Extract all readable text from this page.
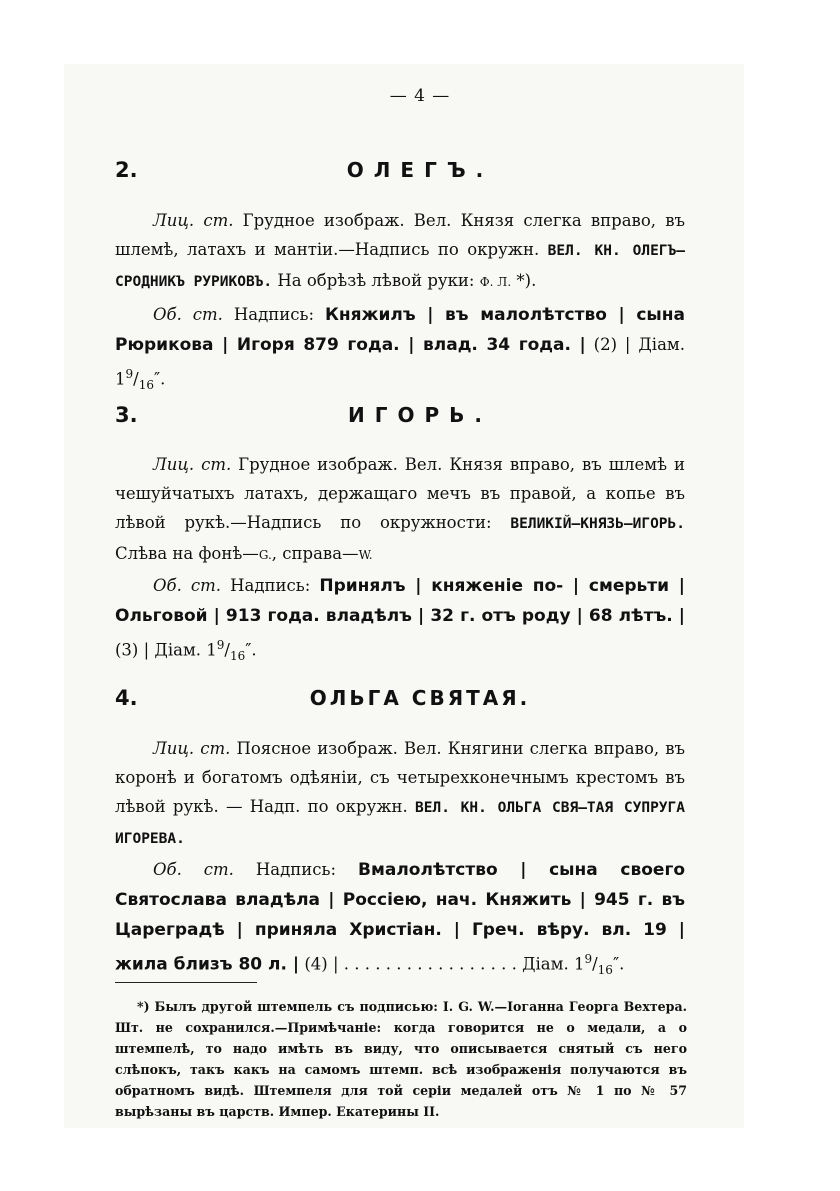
— 4 —
2.	ОЛЕГЪ.
Лиц. ст. Грудное изображ. Вел. Князя слегка вправо, въ шлемѣ, латахъ и мантіи.—Надпись по окружн. ВЕЛ. КН. ОЛЕГЪ—СРОДНИКЪ РУРИКОВЪ. На обрѣзѣ лѣвой руки: Ф. Л. *).
Об. ст. Надпись: Княжилъ | въ малолѣтство | сына Рюрикова | Игоря 879 года. | влад. 34 года. | (2) | Діам. $1^9/_{16}''$.
3.	ИГОРЬ.
Лиц. ст. Грудное изображ. Вел. Князя вправо, въ шлемѣ и чешуйчатыхъ латахъ, держащаго мечъ въ правой, а копье въ лѣвой рукѣ.—Надпись по окружности: ВЕЛИКІЙ—КНЯЗЬ—ИГОРЬ. Слѣва на фонѣ—G., справа—W.
Об. ст. Надпись: Принялъ | княженіе по- | смерьти | Ольговой | 913 года. владѣлъ | 32 г. отъ роду | 68 лѣтъ. | (3) | Діам. $1^9/_{16}''$.
4.	ОЛЬГА СВЯТАЯ.
Лиц. ст. Поясное изображ. Вел. Княгини слегка вправо, въ коронѣ и богатомъ одѣяніи, съ четырехконечнымъ крестомъ въ лѣвой рукѣ. — Надп. по окружн. ВЕЛ. КН. ОЛЬГА СВЯ—ТАЯ СУПРУГА ИГОРЕВА.
Об. ст. Надпись: Вмалолѣтство | сына своего Святослава владѣла | Россіею, нач. Княжить | 945 г. въ Цареградѣ | приняла Христіан. | Греч. вѣру. вл. 19 | жила близъ 80 л. | (4) | . . . . . . . . . . . . . . . . . Діам. $1^9/_{16}''$.
*) Былъ другой штемпель съ подписью: I. G. W.—Іоганна Георга Вехтера. Шт. не сохранился.—Примѣчаніе: когда говорится не о медали, а о штемпелѣ, то надо имѣть въ виду, что описывается снятый съ него слѣпокъ, такъ какъ на самомъ штемп. всѣ изображенія получаются въ обратномъ видѣ. Штемпеля для той серіи медалей отъ № 1 по № 57 вырѣзаны въ царств. Импер. Екатерины II.
